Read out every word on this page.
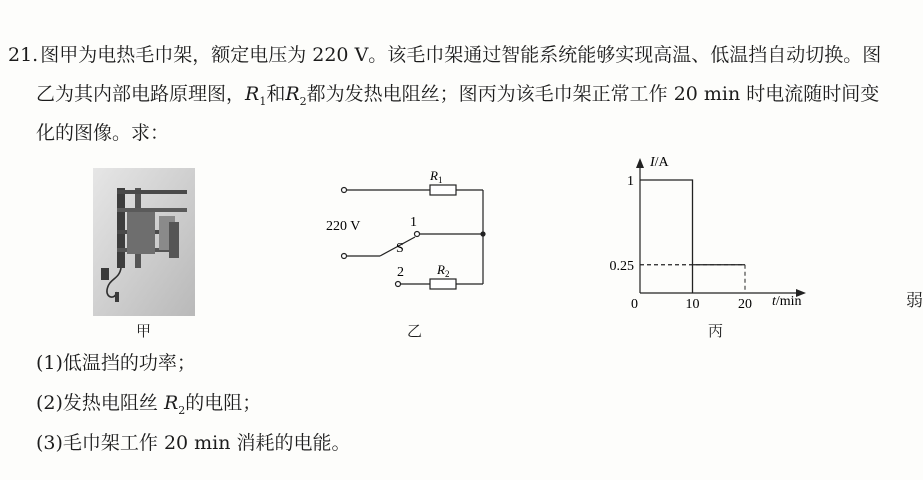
21. 图甲为电热毛巾架，额定电压为 220 V。该毛巾架通过智能系统能够实现高温、低温挡自动切换。图
乙为其内部电路原理图，$R_1$和$R_2$都为发热电阻丝；图丙为该毛巾架正常工作 20 min 时电流随时间变
化的图像。求：
甲
$R_1$
220 V
S
1
2	$R_2$
乙
I/A
t/min
0	10	20
1
0.25
丙
弱
(1)低温挡的功率；
(2)发热电阻丝 $R_2$的电阻；
(3)毛巾架工作 20 min 消耗的电能。
